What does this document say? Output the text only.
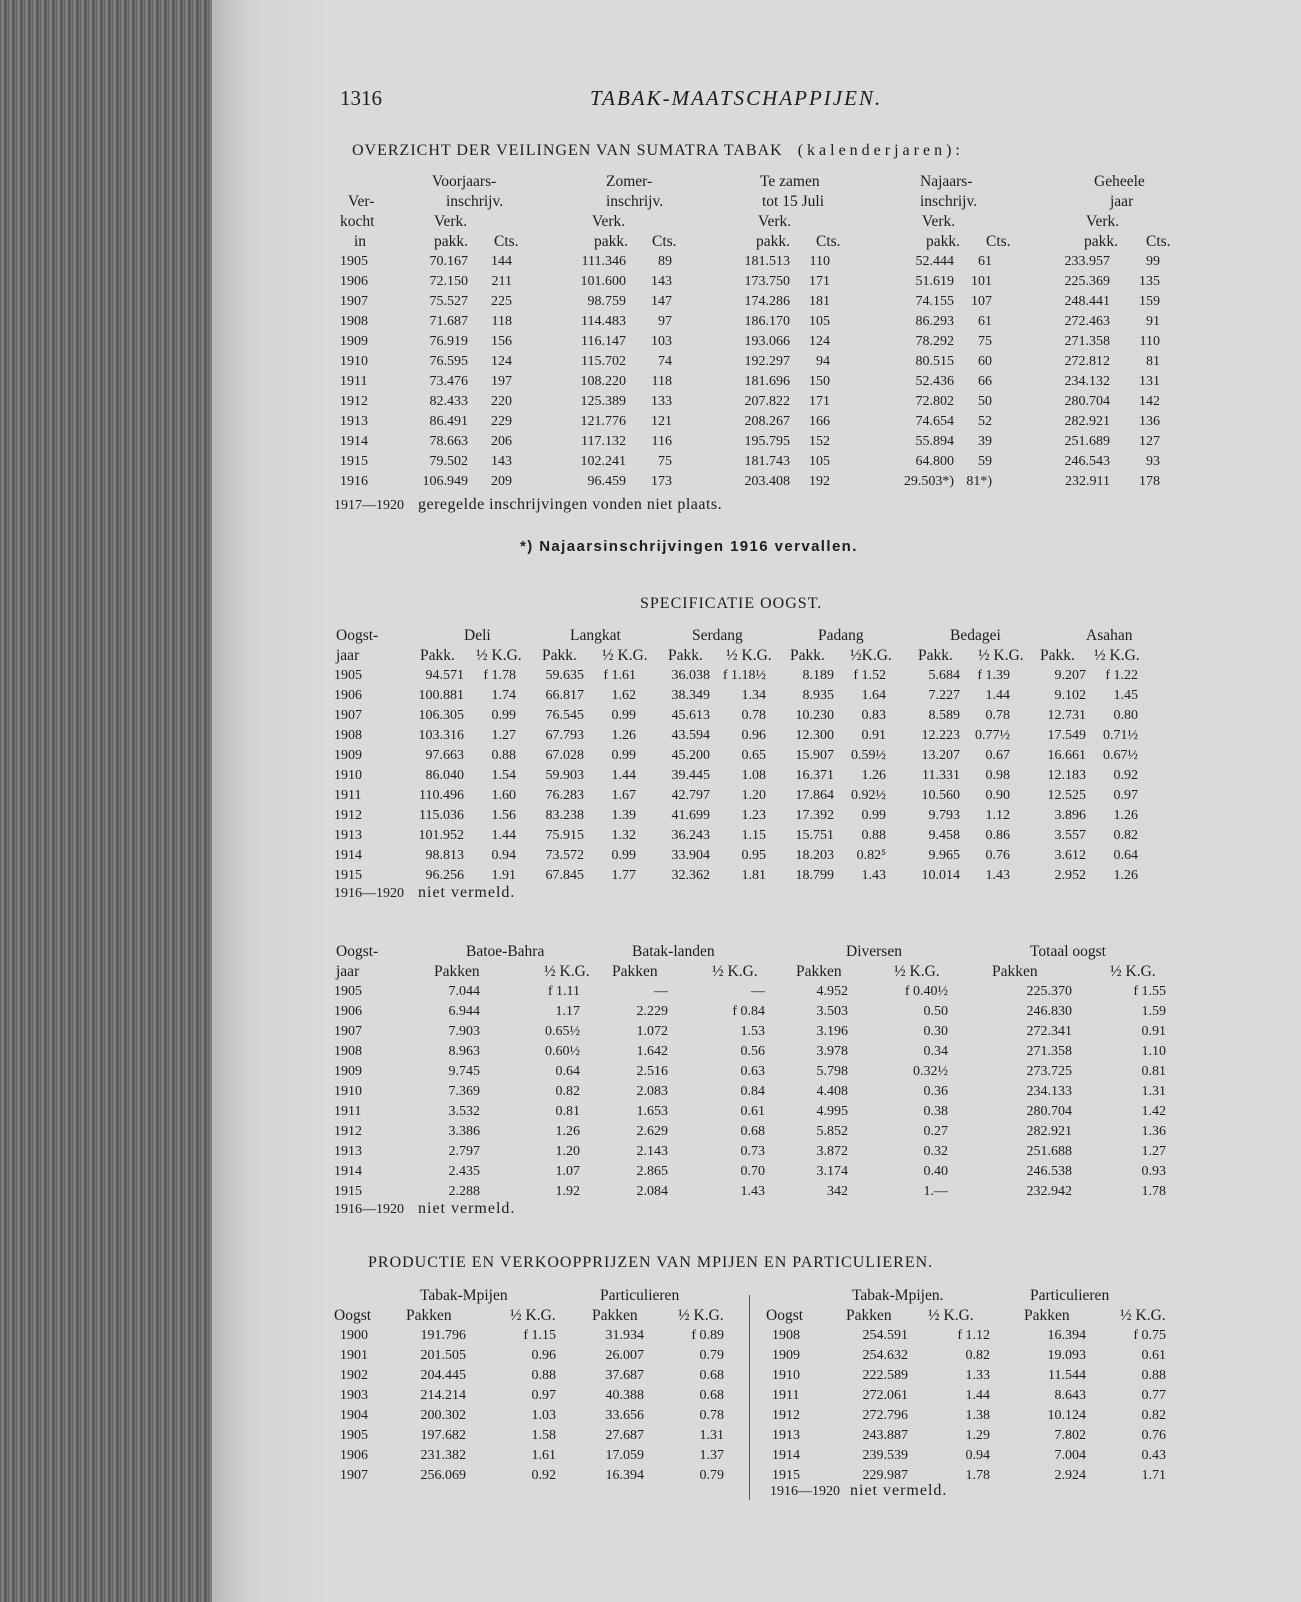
1316	TABAK-MAATSCHAPPIJEN.
OVERZICHT DER VEILINGEN VAN SUMATRA TABAK (kalenderjaren):
Voorjaars-	Zomer-	Te zamen	Najaars-	Geheele
Ver-	inschrijv.	inschrijv.	tot 15 Juli	inschrijv.	jaar
kocht	Verk.	Verk.	Verk.	Verk.	Verk.
in	pakk. Cts.	pakk. Cts.	pakk. Cts.	pakk. Cts.	pakk. Cts.
1905	70.167	144	111.346	89	181.513	110	52.444	61	233.957	99
1906	72.150	211	101.600	143	173.750	171	51.619	101	225.369	135
1907	75.527	225	98.759	147	174.286	181	74.155	107	248.441	159
1908	71.687	118	114.483	97	186.170	105	86.293	61	272.463	91
1909	76.919	156	116.147	103	193.066	124	78.292	75	271.358	110
1910	76.595	124	115.702	74	192.297	94	80.515	60	272.812	81
1911	73.476	197	108.220	118	181.696	150	52.436	66	234.132	131
1912	82.433	220	125.389	133	207.822	171	72.802	50	280.704	142
1913	86.491	229	121.776	121	208.267	166	74.654	52	282.921	136
1914	78.663	206	117.132	116	195.795	152	55.894	39	251.689	127
1915	79.502	143	102.241	75	181.743	105	64.800	59	246.543	93
1916	106.949	209	96.459	173	203.408	192	29.503*) 81*)	232.911	178
1917—1920 geregelde inschrijvingen vonden niet plaats.
*) Najaarsinschrijvingen 1916 vervallen.
SPECIFICATIE OOGST.
Oogst-	Deli	Langkat	Serdang	Padang	Bedagei	Asahan
jaar	Pakk. ½ K.G. Pakk. ½ K.G. Pakk. ½ K.G. Pakk. ½K.G. Pakk. ½ K.G. Pakk. ½ K.G.
1905	94.571	f 1.78	59.635	f 1.61	36.038 f 1.18½	8.189	f 1.52	5.684	f 1.39	9.207	f 1.22
1906	100.881	1.74	66.817	1.62	38.349	1.34	8.935	1.64	7.227	1.44	9.102	1.45
1907	106.305	0.99	76.545	0.99	45.613	0.78	10.230	0.83	8.589	0.78	12.731	0.80
1908	103.316	1.27	67.793	1.26	43.594	0.96	12.300	0.91	12.223	0.77½	17.549	0.71½
1909	97.663	0.88	67.028	0.99	45.200	0.65	15.907	0.59½	13.207	0.67	16.661	0.67½
1910	86.040	1.54	59.903	1.44	39.445	1.08	16.371	1.26	11.331	0.98	12.183	0.92
1911	110.496	1.60	76.283	1.67	42.797	1.20	17.864	0.92½	10.560	0.90	12.525	0.97
1912	115.036	1.56	83.238	1.39	41.699	1.23	17.392	0.99	9.793	1.12	3.896	1.26
1913	101.952	1.44	75.915	1.32	36.243	1.15	15.751	0.88	9.458	0.86	3.557	0.82
1914	98.813	0.94	73.572	0.99	33.904	0.95	18.203	0.82⁵	9.965	0.76	3.612	0.64
1915	96.256	1.91	67.845	1.77	32.362	1.81	18.799	1.43	10.014	1.43	2.952	1.26
1916—1920 niet vermeld.
Oogst-	Batoe-Bahra	Batak-landen	Diversen	Totaal oogst
jaar	Pakken	½ K.G. Pakken	½ K.G. Pakken	½ K.G.	Pakken	½ K.G.
1905	7.044	f 1.11	—	—	4.952	f 0.40½	225.370	f 1.55
1906	6.944	1.17	2.229	f 0.84	3.503	0.50	246.830	1.59
1907	7.903	0.65½	1.072	1.53	3.196	0.30	272.341	0.91
1908	8.963	0.60½	1.642	0.56	3.978	0.34	271.358	1.10
1909	9.745	0.64	2.516	0.63	5.798	0.32½	273.725	0.81
1910	7.369	0.82	2.083	0.84	4.408	0.36	234.133	1.31
1911	3.532	0.81	1.653	0.61	4.995	0.38	280.704	1.42
1912	3.386	1.26	2.629	0.68	5.852	0.27	282.921	1.36
1913	2.797	1.20	2.143	0.73	3.872	0.32	251.688	1.27
1914	2.435	1.07	2.865	0.70	3.174	0.40	246.538	0.93
1915	2.288	1.92	2.084	1.43	342	1.—	232.942	1.78
1916—1920 niet vermeld.
PRODUCTIE EN VERKOOPPRIJZEN VAN MPIJEN EN PARTICULIEREN.
Tabak-Mpijen	Particulieren	Tabak-Mpijen.	Particulieren
Oogst Pakken	½ K.G. Pakken	½ K.G.	Oogst	Pakken ½ K.G.	Pakken	½ K.G.
1900	191.796	f 1.15	31.934	f 0.89	1908	254.591	f 1.12	16.394	f 0.75
1901	201.505	0.96	26.007	0.79	1909	254.632	0.82	19.093	0.61
1902	204.445	0.88	37.687	0.68	1910	222.589	1.33	11.544	0.88
1903	214.214	0.97	40.388	0.68	1911	272.061	1.44	8.643	0.77
1904	200.302	1.03	33.656	0.78	1912	272.796	1.38	10.124	0.82
1905	197.682	1.58	27.687	1.31	1913	243.887	1.29	7.802	0.76
1906	231.382	1.61	17.059	1.37	1914	239.539	0.94	7.004	0.43
1907	256.069	0.92	16.394	0.79	1915	229.987	1.78	2.924	1.71
1916—1920 niet vermeld.
